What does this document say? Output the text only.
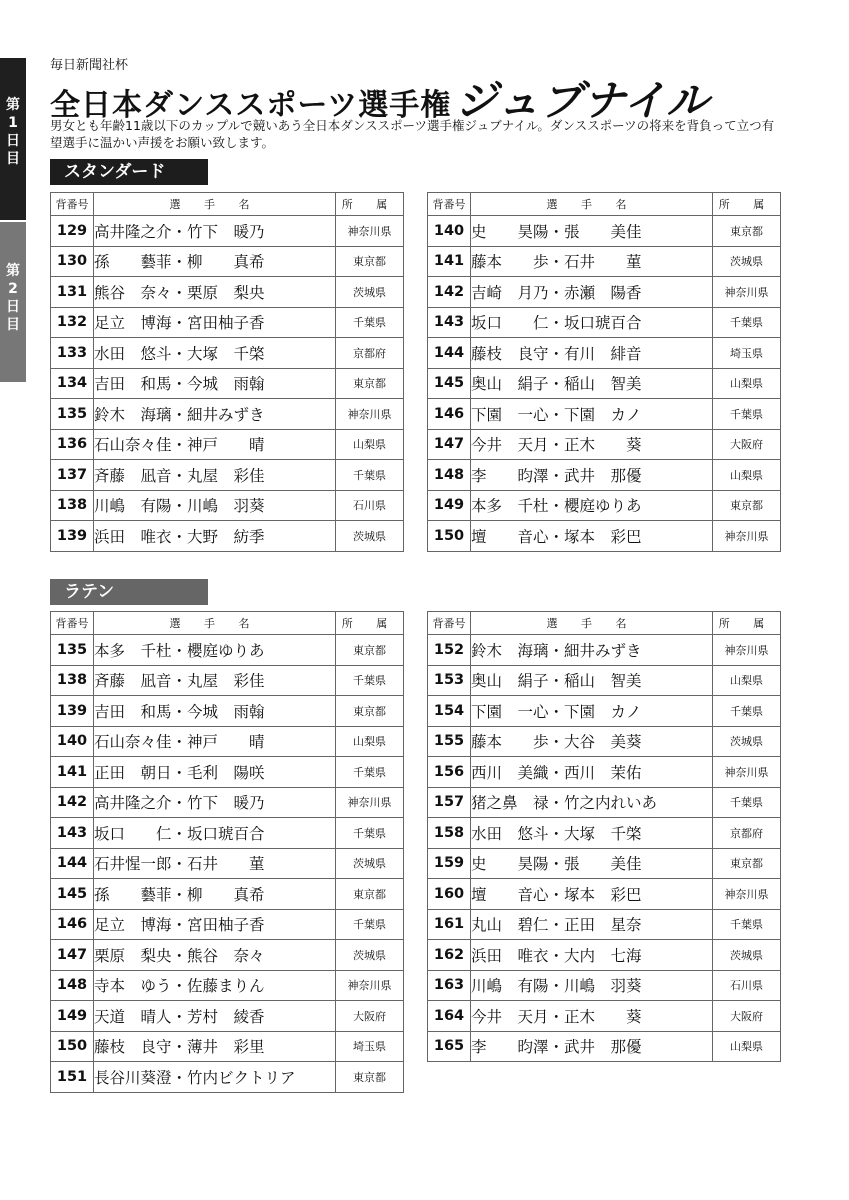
第
1
日
目
第
2
日
目
毎日新聞社杯
全日本ダンススポーツ選手権ジュブナイル
男女とも年齢11歳以下のカップルで競いあう全日本ダンススポーツ選手権ジュブナイル。ダンススポーツの将来を背負って立つ有望選手に温かい声援をお願い致します。
スタンダード
ラテン
背番号	選 手 名	所 属
129	高井隆之介・竹下　暖乃	神奈川県
130	孫　　藝菲・柳　　真希	東京都
131	熊谷　奈々・栗原　梨央	茨城県
132	足立　博海・宮田柚子香	千葉県
133	水田　悠斗・大塚　千棨	京都府
134	吉田　和馬・今城　雨翰	東京都
135	鈴木　海璃・細井みずき	神奈川県
136	石山奈々佳・神戸　　晴	山梨県
137	斉藤　凪音・丸屋　彩佳	千葉県
138	川嶋　有陽・川嶋　羽葵	石川県
139	浜田　唯衣・大野　紡季	茨城県
背番号	選 手 名	所 属
140	史　　昊陽・張　　美佳	東京都
141	藤本　　歩・石井　　菫	茨城県
142	吉崎　月乃・赤瀬　陽香	神奈川県
143	坂口　　仁・坂口琥百合	千葉県
144	藤枝　良守・有川　緋音	埼玉県
145	奥山　絹子・稲山　智美	山梨県
146	下園　一心・下園　カノ	千葉県
147	今井　天月・正木　　葵	大阪府
148	李　　昀澤・武井　那優	山梨県
149	本多　千杜・櫻庭ゆりあ	東京都
150	壇　　音心・塚本　彩巴	神奈川県
背番号	選 手 名	所 属
135	本多　千杜・櫻庭ゆりあ	東京都
138	斉藤　凪音・丸屋　彩佳	千葉県
139	吉田　和馬・今城　雨翰	東京都
140	石山奈々佳・神戸　　晴	山梨県
141	正田　朝日・毛利　陽咲	千葉県
142	高井隆之介・竹下　暖乃	神奈川県
143	坂口　　仁・坂口琥百合	千葉県
144	石井惺一郎・石井　　菫	茨城県
145	孫　　藝菲・柳　　真希	東京都
146	足立　博海・宮田柚子香	千葉県
147	栗原　梨央・熊谷　奈々	茨城県
148	寺本　ゆう・佐藤まりん	神奈川県
149	天道　晴人・芳村　綾香	大阪府
150	藤枝　良守・薄井　彩里	埼玉県
151	長谷川葵澄・竹内ビクトリア	東京都
背番号	選 手 名	所 属
152	鈴木　海璃・細井みずき	神奈川県
153	奥山　絹子・稲山　智美	山梨県
154	下園　一心・下園　カノ	千葉県
155	藤本　　歩・大谷　美葵	茨城県
156	西川　美織・西川　茉佑	神奈川県
157	猪之鼻　禄・竹之内れいあ	千葉県
158	水田　悠斗・大塚　千棨	京都府
159	史　　昊陽・張　　美佳	東京都
160	壇　　音心・塚本　彩巴	神奈川県
161	丸山　碧仁・正田　星奈	千葉県
162	浜田　唯衣・大内　七海	茨城県
163	川嶋　有陽・川嶋　羽葵	石川県
164	今井　天月・正木　　葵	大阪府
165	李　　昀澤・武井　那優	山梨県
